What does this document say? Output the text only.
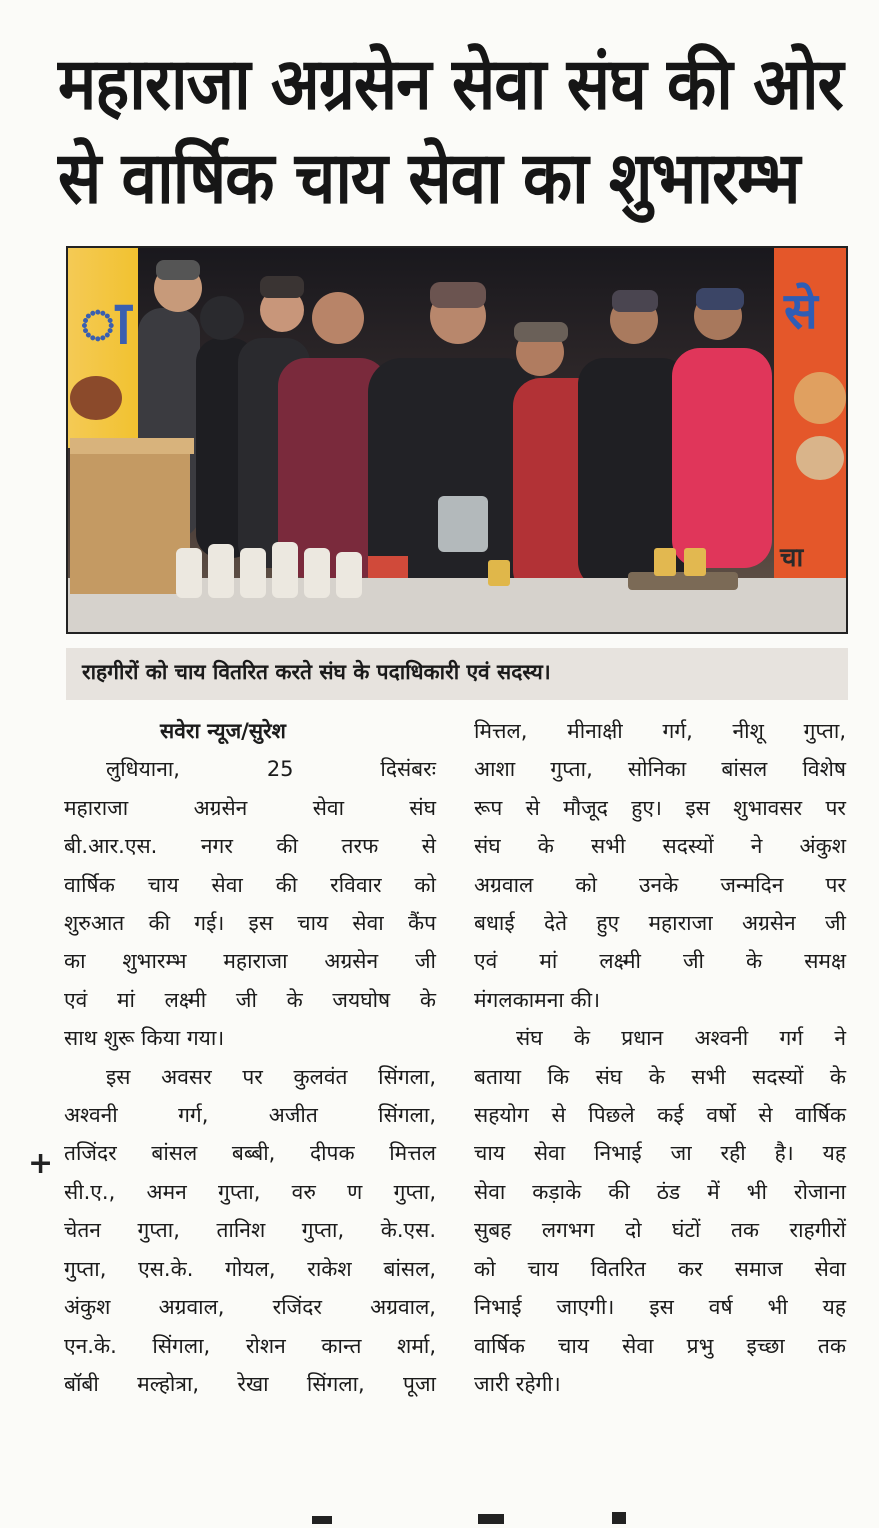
महाराजा अग्रसेन सेवा संघ की ओर
से वार्षिक चाय सेवा का शुभारम्भ
ा	से
चा
राहगीरों को चाय वितरित करते संघ के पदाधिकारी एवं सदस्य।
सवेरा न्यूज/सुरेश
लुधियाना, 25 दिसंबरः
महाराजा अग्रसेन सेवा संघ
बी.आर.एस. नगर की तरफ से
वार्षिक चाय सेवा की रविवार को
शुरुआत की गई। इस चाय सेवा कैंप
का शुभारम्भ महाराजा अग्रसेन जी
एवं मां लक्ष्मी जी के जयघोष के
साथ शुरू किया गया।
इस अवसर पर कुलवंत सिंगला,
अश्वनी गर्ग, अजीत सिंगला,
तजिंदर बांसल बब्बी, दीपक मित्तल
सी.ए., अमन गुप्ता, वरु ण गुप्ता,
चेतन गुप्ता, तानिश गुप्ता, के.एस.
गुप्ता, एस.के. गोयल, राकेश बांसल,
अंकुश अग्रवाल, रजिंदर अग्रवाल,
एन.के. सिंगला, रोशन कान्त शर्मा,
बॉबी मल्होत्रा, रेखा सिंगला, पूजा
+
मित्तल, मीनाक्षी गर्ग, नीशू गुप्ता,
आशा गुप्ता, सोनिका बांसल विशेष
रूप से मौजूद हुए। इस शुभावसर पर
संघ के सभी सदस्यों ने अंकुश
अग्रवाल को उनके जन्मदिन पर
बधाई देते हुए महाराजा अग्रसेन जी
एवं मां लक्ष्मी जी के समक्ष
मंगलकामना की।
संघ के प्रधान अश्वनी गर्ग ने
बताया कि संघ के सभी सदस्यों के
सहयोग से पिछले कई वर्षो से वार्षिक
चाय सेवा निभाई जा रही है। यह
सेवा कड़ाके की ठंड में भी रोजाना
सुबह लगभग दो घंटों तक राहगीरों
को चाय वितरित कर समाज सेवा
निभाई जाएगी। इस वर्ष भी यह
वार्षिक चाय सेवा प्रभु इच्छा तक
जारी रहेगी।
